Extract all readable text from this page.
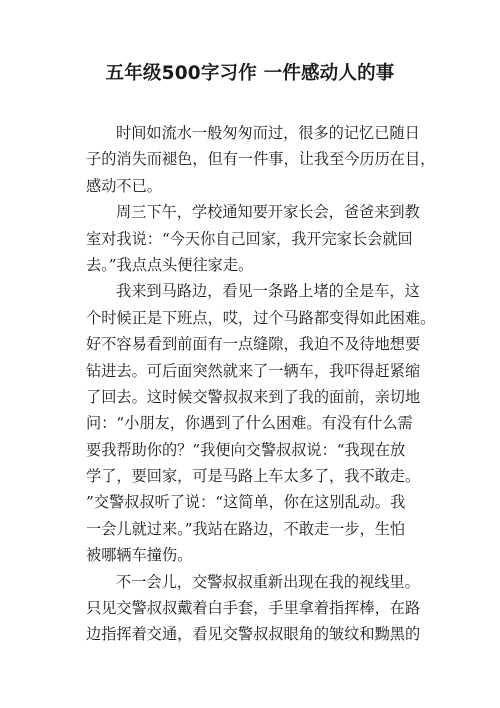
五年级500字习作 一件感动人的事
时间如流水一般匆匆而过，很多的记忆已随日
子的消失而褪色，但有一件事，让我至今历历在目，
感动不已。
周三下午，学校通知要开家长会，爸爸来到教
室对我说：“今天你自己回家，我开完家长会就回
去。”我点点头便往家走。
我来到马路边，看见一条路上堵的全是车，这
个时候正是下班点，哎，过个马路都变得如此困难。
好不容易看到前面有一点缝隙，我迫不及待地想要
钻进去。可后面突然就来了一辆车，我吓得赶紧缩
了回去。这时候交警叔叔来到了我的面前，亲切地
问：“小朋友，你遇到了什么困难。有没有什么需
要我帮助你的？”我便向交警叔叔说：“我现在放
学了，要回家，可是马路上车太多了，我不敢走。
”交警叔叔听了说：“这简单，你在这别乱动。我
一会儿就过来。”我站在路边，不敢走一步，生怕
被哪辆车撞伤。
不一会儿，交警叔叔重新出现在我的视线里。
只见交警叔叔戴着白手套，手里拿着指挥棒，在路
边指挥着交通，看见交警叔叔眼角的皱纹和黝黑的
